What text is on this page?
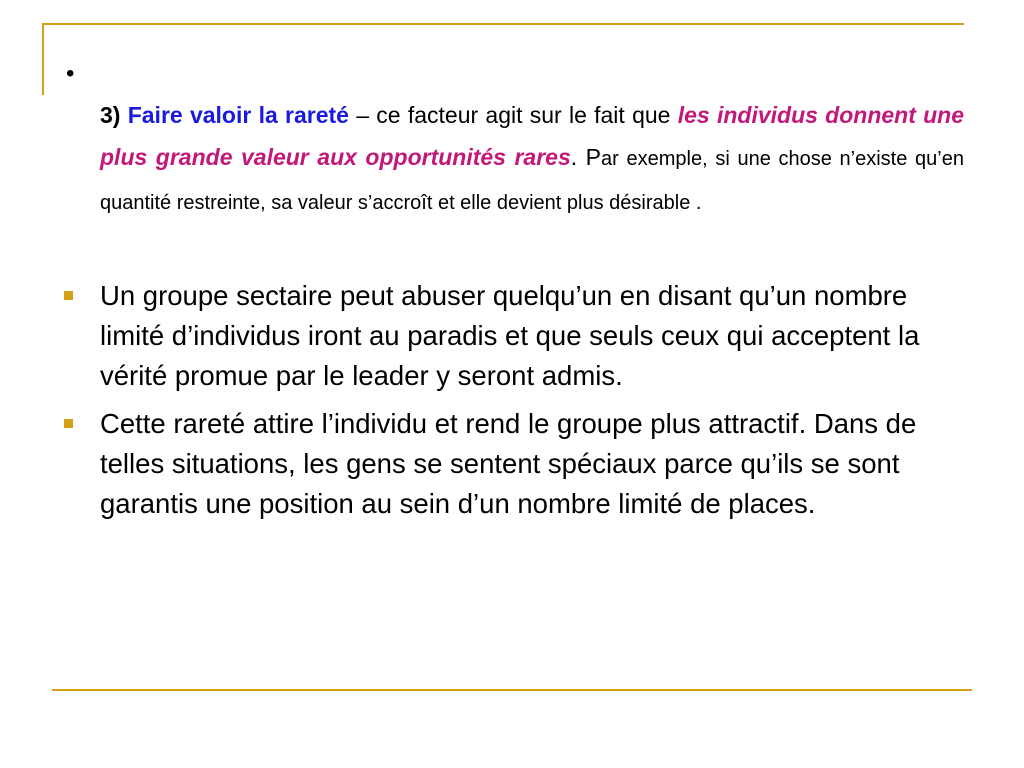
•
3) Faire valoir la rareté – ce facteur agit sur le fait que les individus donnent une plus grande valeur aux opportunités rares. Par exemple, si une chose n’existe qu’en quantité restreinte, sa valeur s’accroît et elle devient plus désirable .
Un groupe sectaire peut abuser quelqu’un en disant qu’un nombre limité d’individus iront au paradis et que seuls ceux qui acceptent la vérité promue par le leader y seront admis.
Cette rareté attire l’individu et rend le groupe plus attractif. Dans de telles situations, les gens se sentent spéciaux parce qu’ils se sont garantis une position au sein d’un nombre limité de places.
